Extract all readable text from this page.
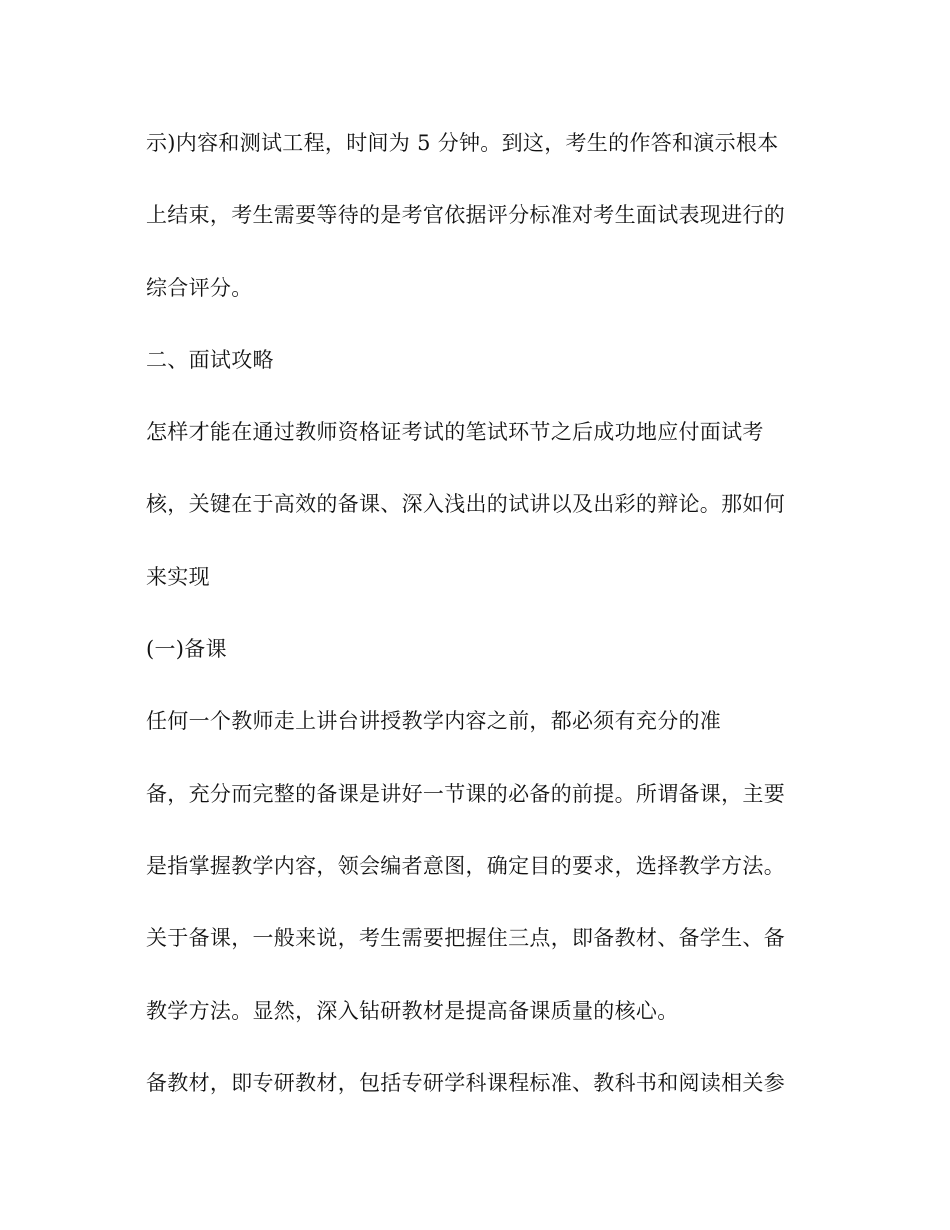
示)内容和测试工程，时间为 5 分钟。到这，考生的作答和演示根本
上结束，考生需要等待的是考官依据评分标准对考生面试表现进行的
综合评分。
二、面试攻略
怎样才能在通过教师资格证考试的笔试环节之后成功地应付面试考
核，关键在于高效的备课、深入浅出的试讲以及出彩的辩论。那如何
来实现
(一)备课
任何一个教师走上讲台讲授教学内容之前，都必须有充分的准
备，充分而完整的备课是讲好一节课的必备的前提。所谓备课，主要
是指掌握教学内容，领会编者意图，确定目的要求，选择教学方法。
关于备课，一般来说，考生需要把握住三点，即备教材、备学生、备
教学方法。显然，深入钻研教材是提高备课质量的核心。
备教材，即专研教材，包括专研学科课程标准、教科书和阅读相关参
